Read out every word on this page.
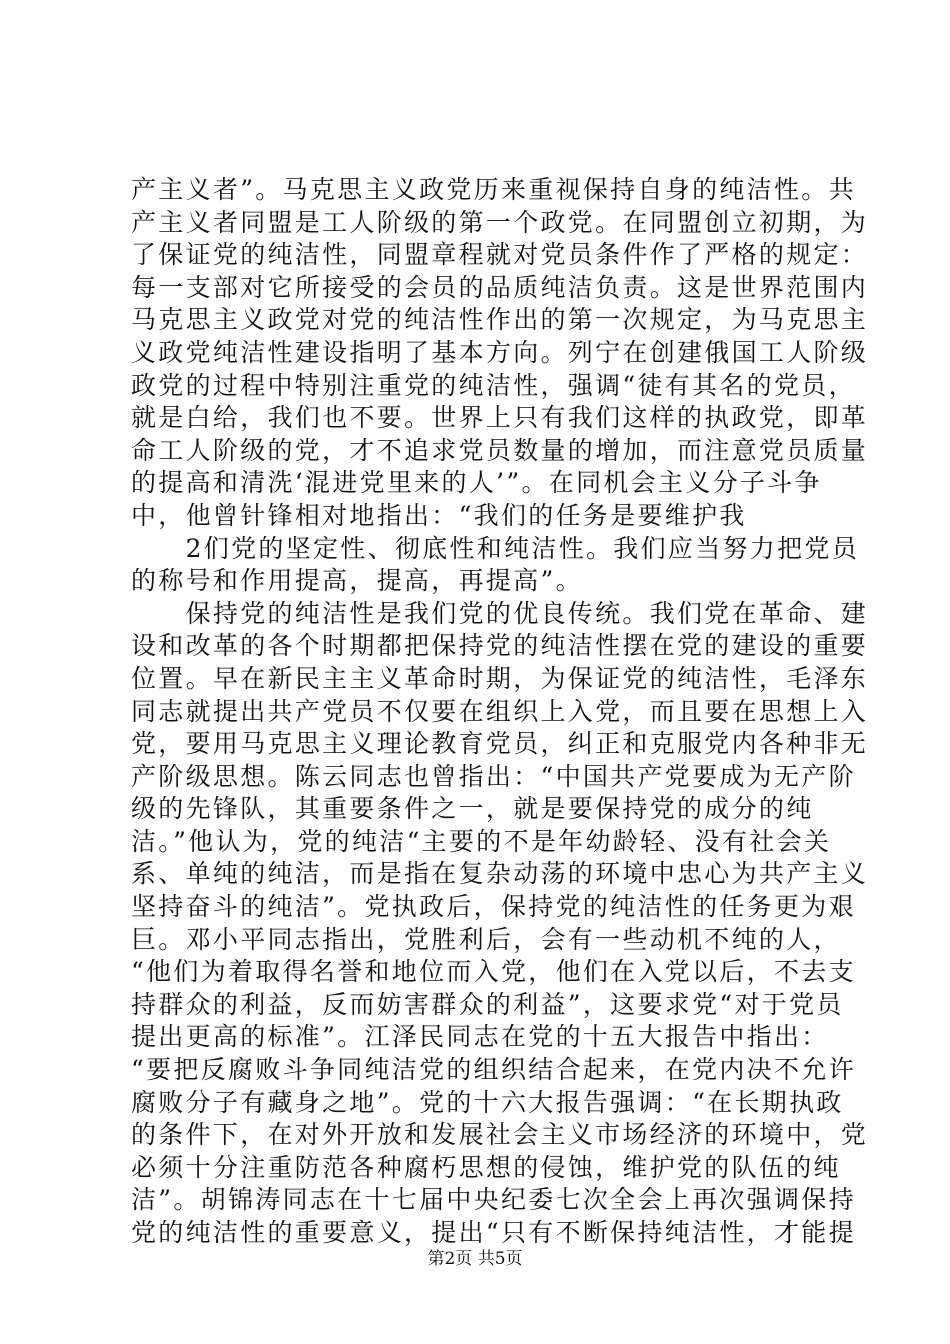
产主义者”。马克思主义政党历来重视保持自身的纯洁性。共
产主义者同盟是工人阶级的第一个政党。在同盟创立初期，为
了保证党的纯洁性，同盟章程就对党员条件作了严格的规定：
每一支部对它所接受的会员的品质纯洁负责。这是世界范围内
马克思主义政党对党的纯洁性作出的第一次规定，为马克思主
义政党纯洁性建设指明了基本方向。列宁在创建俄国工人阶级
政党的过程中特别注重党的纯洁性，强调“徒有其名的党员，
就是白给，我们也不要。世界上只有我们这样的执政党，即革
命工人阶级的党，才不追求党员数量的增加，而注意党员质量
的提高和清洗‘混进党里来的人’”。在同机会主义分子斗争
中，他曾针锋相对地指出：“我们的任务是要维护我
　　2们党的坚定性、彻底性和纯洁性。我们应当努力把党员
的称号和作用提高，提高，再提高”。
　　保持党的纯洁性是我们党的优良传统。我们党在革命、建
设和改革的各个时期都把保持党的纯洁性摆在党的建设的重要
位置。早在新民主主义革命时期，为保证党的纯洁性，毛泽东
同志就提出共产党员不仅要在组织上入党，而且要在思想上入
党，要用马克思主义理论教育党员，纠正和克服党内各种非无
产阶级思想。陈云同志也曾指出：“中国共产党要成为无产阶
级的先锋队，其重要条件之一，就是要保持党的成分的纯
洁。”他认为，党的纯洁“主要的不是年幼龄轻、没有社会关
系、单纯的纯洁，而是指在复杂动荡的环境中忠心为共产主义
坚持奋斗的纯洁”。党执政后，保持党的纯洁性的任务更为艰
巨。邓小平同志指出，党胜利后，会有一些动机不纯的人，
“他们为着取得名誉和地位而入党，他们在入党以后，不去支
持群众的利益，反而妨害群众的利益”，这要求党“对于党员
提出更高的标准”。江泽民同志在党的十五大报告中指出：
“要把反腐败斗争同纯洁党的组织结合起来，在党内决不允许
腐败分子有藏身之地”。党的十六大报告强调：“在长期执政
的条件下，在对外开放和发展社会主义市场经济的环境中，党
必须十分注重防范各种腐朽思想的侵蚀，维护党的队伍的纯
洁”。胡锦涛同志在十七届中央纪委七次全会上再次强调保持
党的纯洁性的重要意义，提出“只有不断保持纯洁性，才能提
第2页 共5页
